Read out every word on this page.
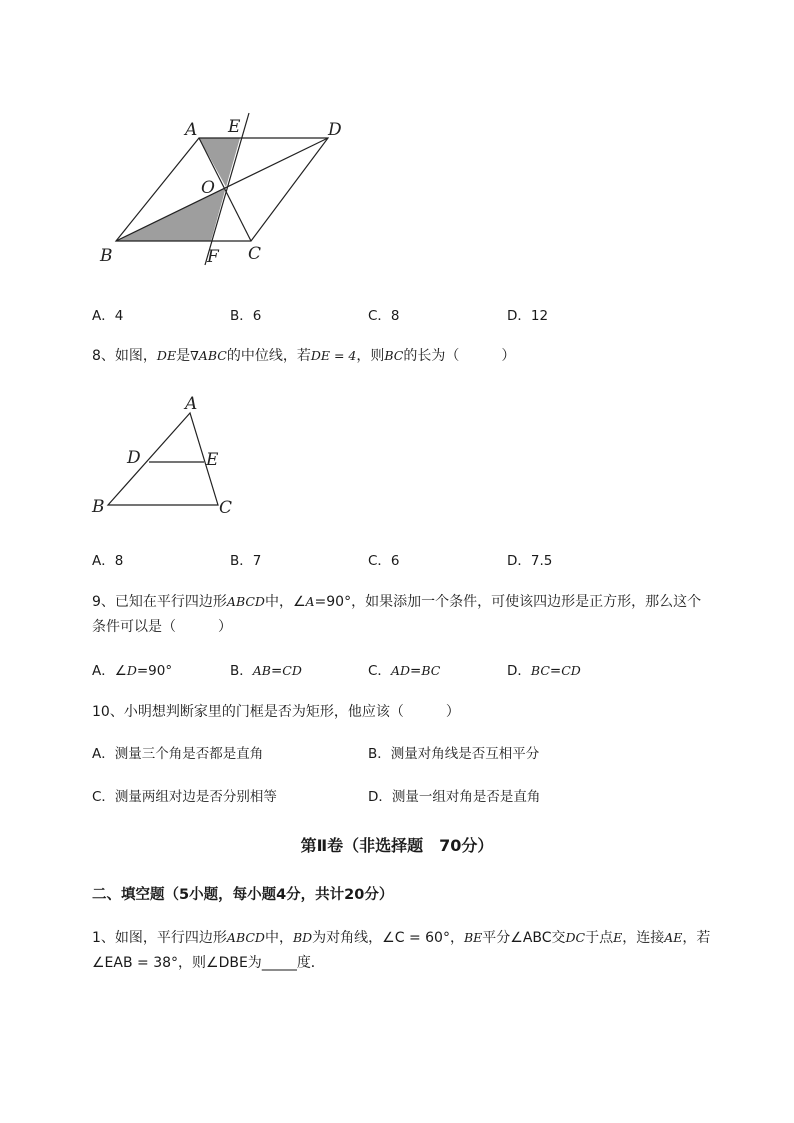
A E	D
O
B	F C
A．4	B．6	C．8	D．12
8、如图，DE是∇ABC的中位线，若DE = 4，则BC的长为（　　　）
A
D	E
B	C
A．8	B．7	C．6	D．7.5
9、已知在平行四边形ABCD中，∠A=90°，如果添加一个条件，可使该四边形是正方形，那么这个
条件可以是（　　　）
A．∠D=90°	B．AB=CD	C．AD=BC	D．BC=CD
10、小明想判断家里的门框是否为矩形，他应该（　　　）
A．测量三个角是否都是直角	B．测量对角线是否互相平分
C．测量两组对边是否分别相等	D．测量一组对角是否是直角
第Ⅱ卷（非选择题　70分）
二、填空题（5小题，每小题4分，共计20分）
1、如图，平行四边形ABCD中，BD为对角线，∠C = 60°，BE平分∠ABC交DC于点E，连接AE，若
∠EAB = 38°，则∠DBE为_____度．
